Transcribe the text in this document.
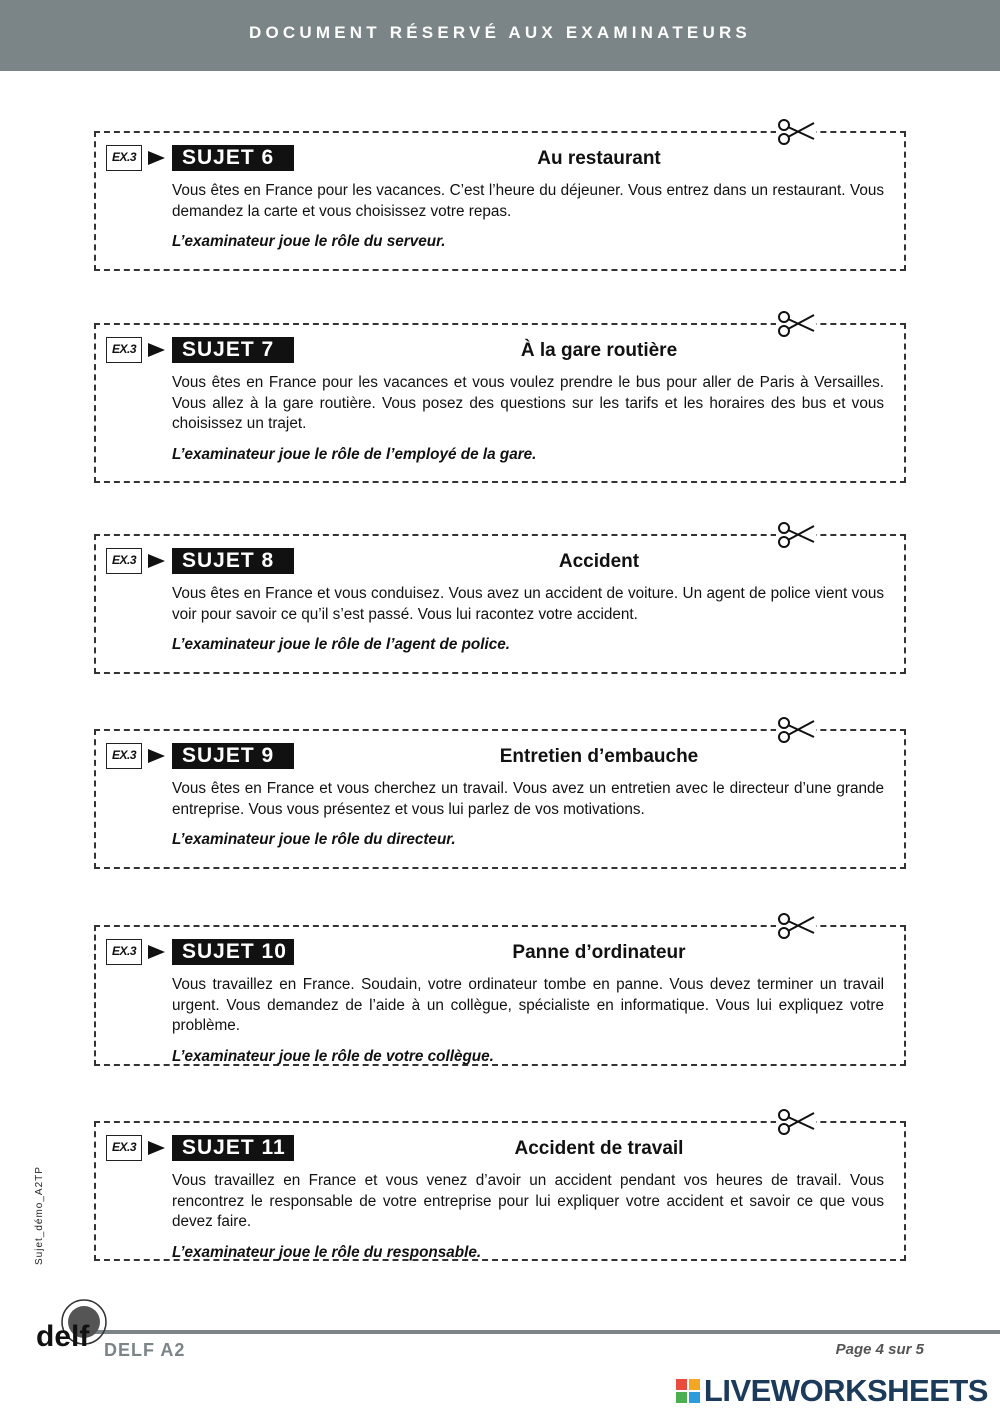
DOCUMENT RÉSERVÉ AUX EXAMINATEURS
EX.3	SUJET 6	Au restaurant

Vous êtes en France pour les vacances. C’est l’heure du déjeuner. Vous entrez dans un restaurant. Vous demandez la carte et vous choisissez votre repas.

L’examinateur joue le rôle du serveur.

EX.3	SUJET 7	À la gare routière

Vous êtes en France pour les vacances et vous voulez prendre le bus pour aller de Paris à Versailles. Vous allez à la gare routière. Vous posez des questions sur les tarifs et les horaires des bus et vous choisissez un trajet.

L’examinateur joue le rôle de l’employé de la gare.

EX.3	SUJET 8	Accident

Vous êtes en France et vous conduisez. Vous avez un accident de voiture. Un agent de police vient vous voir pour savoir ce qu’il s’est passé. Vous lui racontez votre accident.

L’examinateur joue le rôle de l’agent de police.

EX.3	SUJET 9	Entretien d’embauche

Vous êtes en France et vous cherchez un travail. Vous avez un entretien avec le directeur d’une grande entreprise. Vous vous présentez et vous lui parlez de vos motivations.

L’examinateur joue le rôle du directeur.

EX.3	SUJET 10	Panne d’ordinateur

Vous travaillez en France. Soudain, votre ordinateur tombe en panne. Vous devez terminer un travail urgent. Vous demandez de l’aide à un collègue, spécialiste en informatique. Vous lui expliquez votre problème.

L’examinateur joue le rôle de votre collègue.

EX.3	SUJET 11	Accident de travail

Vous travaillez en France et vous venez d’avoir un accident pendant vos heures de travail. Vous rencontrez le responsable de votre entreprise pour lui expliquer votre accident et savoir ce que vous devez faire.

L’examinateur joue le rôle du responsable.

Sujet_démo_A2TP
delf DELF A2	Page 4 sur 5
LIVEWORKSHEETS
